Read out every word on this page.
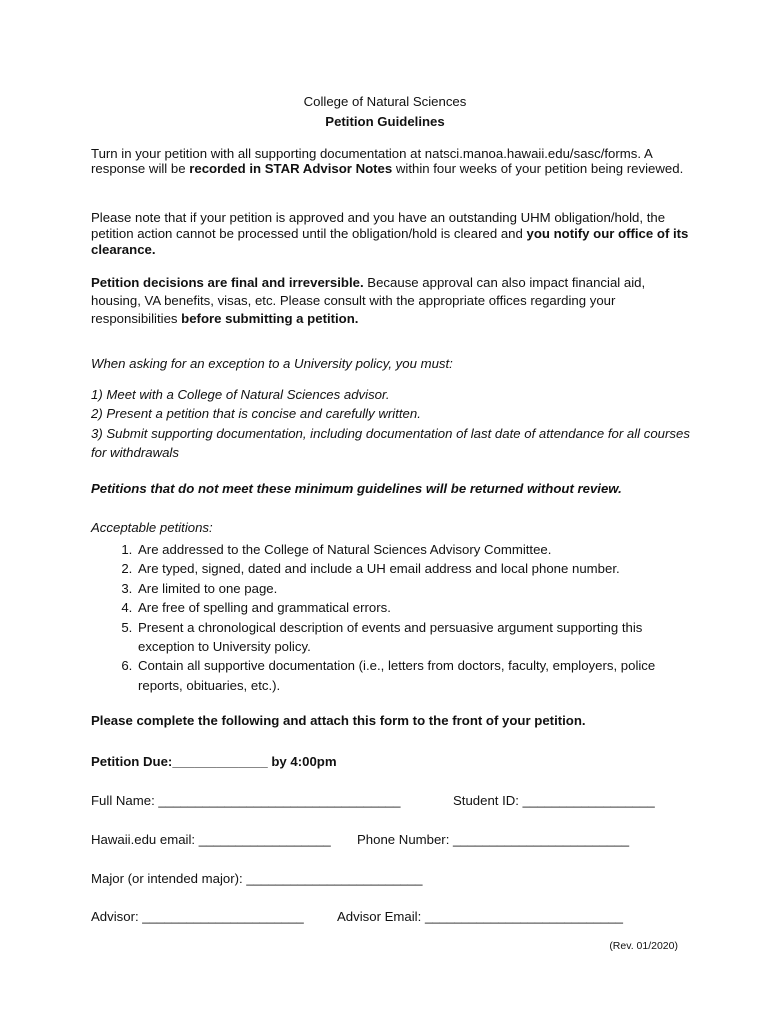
College of Natural Sciences
Petition Guidelines
Turn in your petition with all supporting documentation at natsci.manoa.hawaii.edu/sasc/forms. A response will be recorded in STAR Advisor Notes within four weeks of your petition being reviewed.
Please note that if your petition is approved and you have an outstanding UHM obligation/hold, the petition action cannot be processed until the obligation/hold is cleared and you notify our office of its clearance.
Petition decisions are final and irreversible. Because approval can also impact financial aid, housing, VA benefits, visas, etc. Please consult with the appropriate offices regarding your responsibilities before submitting a petition.
When asking for an exception to a University policy, you must:
1) Meet with a College of Natural Sciences advisor.
2) Present a petition that is concise and carefully written.
3) Submit supporting documentation, including documentation of last date of attendance for all courses for withdrawals
Petitions that do not meet these minimum guidelines will be returned without review.
Acceptable petitions:
1. Are addressed to the College of Natural Sciences Advisory Committee.
2. Are typed, signed, dated and include a UH email address and local phone number.
3. Are limited to one page.
4. Are free of spelling and grammatical errors.
5. Present a chronological description of events and persuasive argument supporting this exception to University policy.
6. Contain all supportive documentation (i.e., letters from doctors, faculty, employers, police reports, obituaries, etc.).
Please complete the following and attach this form to the front of your petition.
Petition Due:_____________ by 4:00pm
Full Name: _________________________________	Student ID: __________________
Hawaii.edu email: __________________ Phone Number: ________________________
Major (or intended major): ________________________
Advisor: ______________________	Advisor Email: ___________________________
(Rev. 01/2020)
